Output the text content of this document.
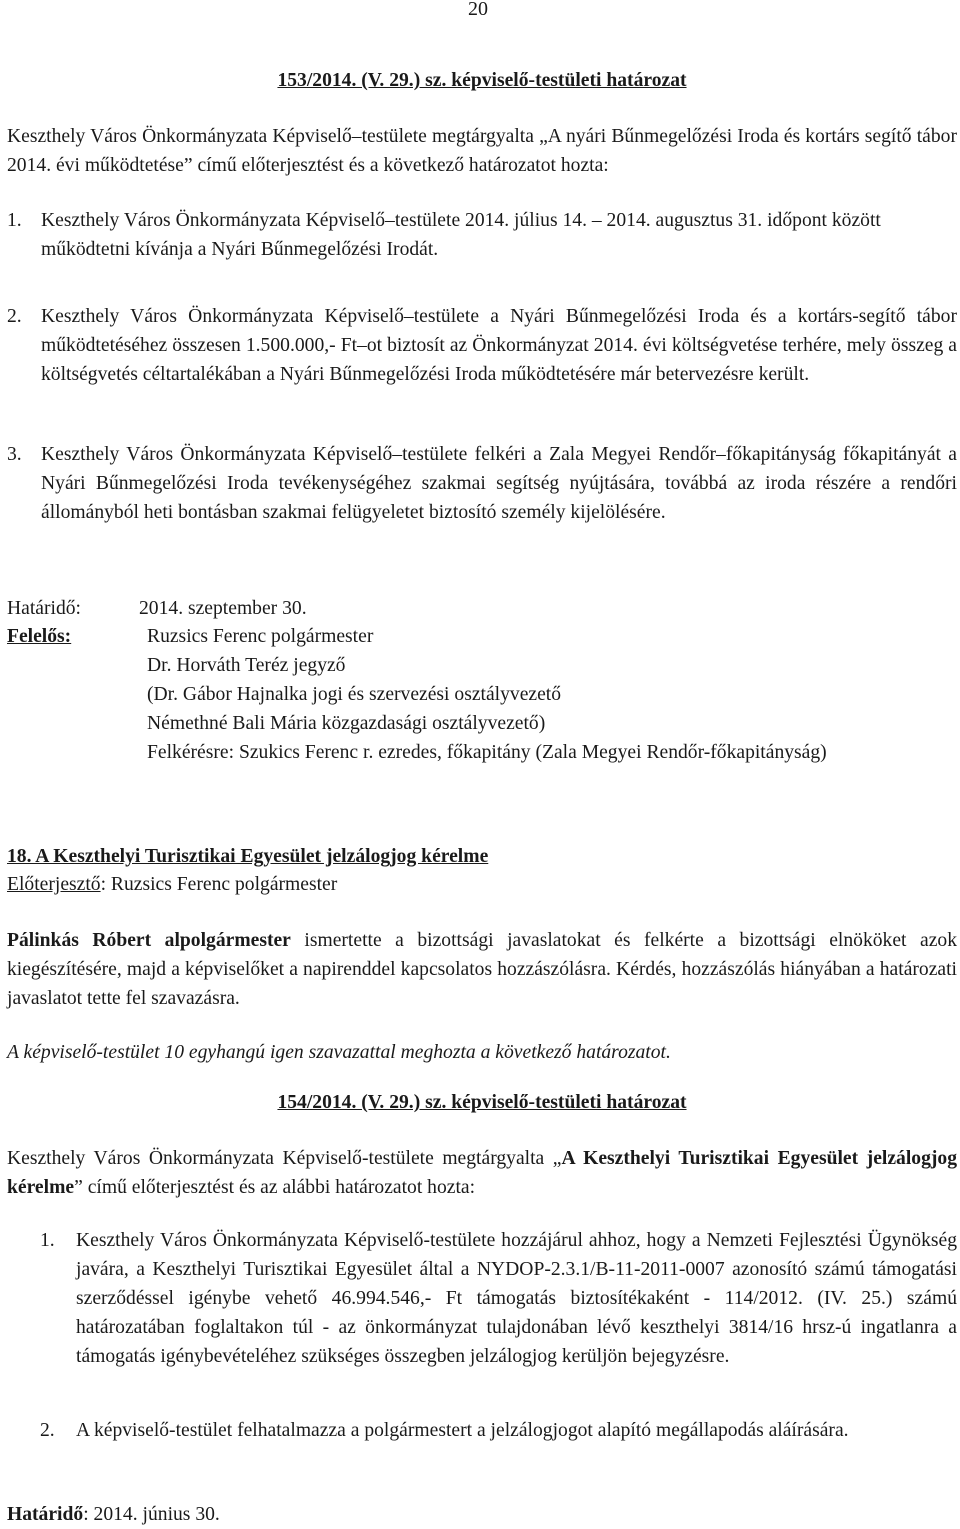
20
153/2014. (V. 29.) sz. képviselő-testületi határozat
Keszthely Város Önkormányzata Képviselő–testülete megtárgyalta „A nyári Bűnmegelőzési Iroda és kortárs segítő tábor 2014. évi működtetése” című előterjesztést és a következő határozatot hozta:
1. Keszthely Város Önkormányzata Képviselő–testülete 2014. július 14. – 2014. augusztus 31. időpont között működtetni kívánja a Nyári Bűnmegelőzési Irodát.
2. Keszthely Város Önkormányzata Képviselő–testülete a Nyári Bűnmegelőzési Iroda és a kortárs-segítő tábor működtetéséhez összesen 1.500.000,- Ft–ot biztosít az Önkormányzat 2014. évi költségvetése terhére, mely összeg a költségvetés céltartalékában a Nyári Bűnmegelőzési Iroda működtetésére már betervezésre került.
3. Keszthely Város Önkormányzata Képviselő–testülete felkéri a Zala Megyei Rendőr–főkapitányság főkapitányát a Nyári Bűnmegelőzési Iroda tevékenységéhez szakmai segítség nyújtására, továbbá az iroda részére a rendőri állományból heti bontásban szakmai felügyeletet biztosító személy kijelölésére.
Határidő:	2014. szeptember 30.
Felelős:	Ruzsics Ferenc polgármester
Dr. Horváth Teréz jegyző
(Dr. Gábor Hajnalka jogi és szervezési osztályvezető
Némethné Bali Mária közgazdasági osztályvezető)
Felkérésre: Szukics Ferenc r. ezredes, főkapitány (Zala Megyei Rendőr-főkapitányság)
18. A Keszthelyi Turisztikai Egyesület jelzálogjog kérelme
Előterjesztő: Ruzsics Ferenc polgármester
Pálinkás Róbert alpolgármester ismertette a bizottsági javaslatokat és felkérte a bizottsági elnököket azok kiegészítésére, majd a képviselőket a napirenddel kapcsolatos hozzászólásra. Kérdés, hozzászólás hiányában a határozati javaslatot tette fel szavazásra.
A képviselő-testület 10 egyhangú igen szavazattal meghozta a következő határozatot.
154/2014. (V. 29.) sz. képviselő-testületi határozat
Keszthely Város Önkormányzata Képviselő-testülete megtárgyalta „A Keszthelyi Turisztikai Egyesület jelzálogjog kérelme” című előterjesztést és az alábbi határozatot hozta:
1. Keszthely Város Önkormányzata Képviselő-testülete hozzájárul ahhoz, hogy a Nemzeti Fejlesztési Ügynökség javára, a Keszthelyi Turisztikai Egyesület által a NYDOP-2.3.1/B-11-2011-0007 azonosító számú támogatási szerződéssel igénybe vehető 46.994.546,- Ft támogatás biztosítékaként - 114/2012. (IV. 25.) számú határozatában foglaltakon túl - az önkormányzat tulajdonában lévő keszthelyi 3814/16 hrsz-ú ingatlanra a támogatás igénybevételéhez szükséges összegben jelzálogjog kerüljön bejegyzésre.
2. A képviselő-testület felhatalmazza a polgármestert a jelzálogjogot alapító megállapodás aláírására.
Határidő: 2014. június 30.
